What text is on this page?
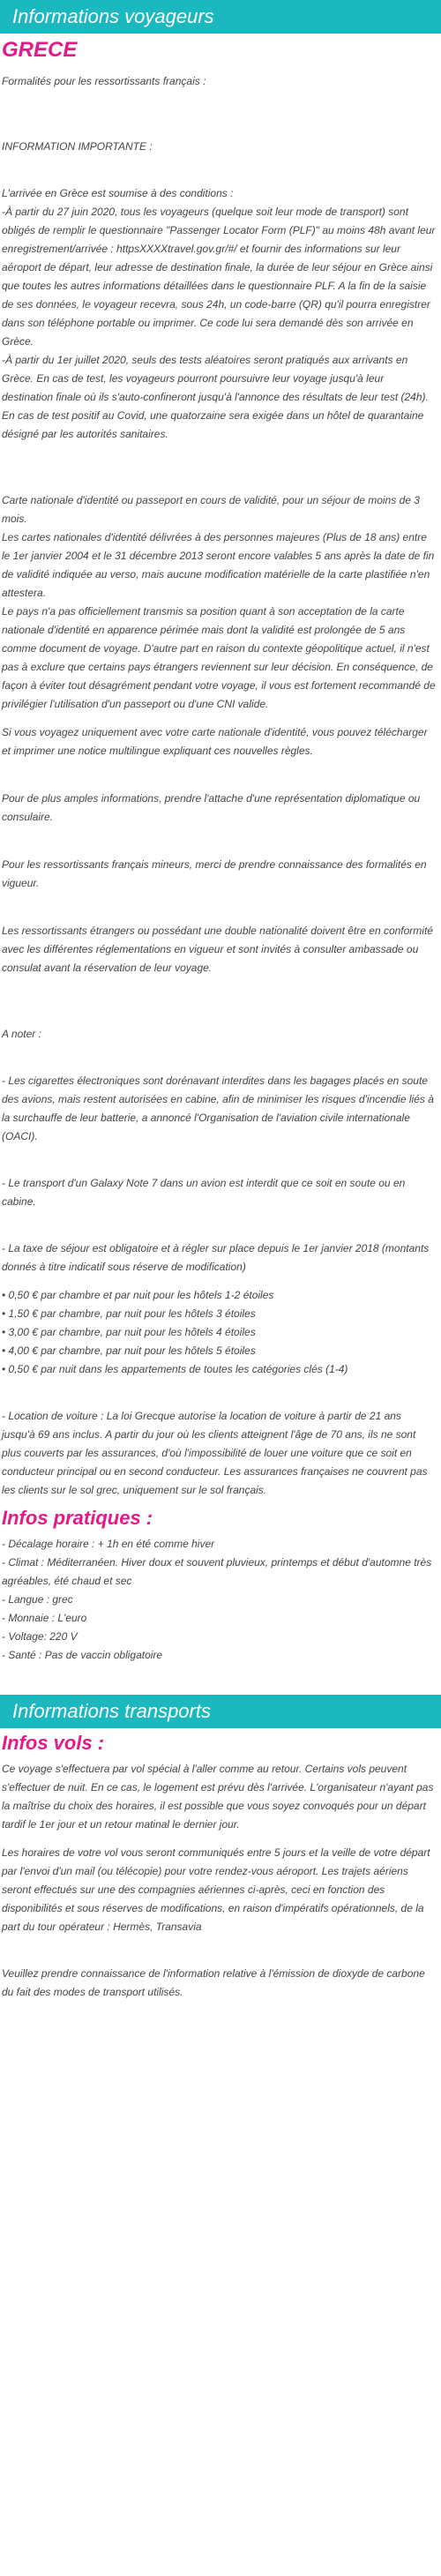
Informations voyageurs
GRECE

Formalités pour les ressortissants français :

INFORMATION IMPORTANTE :

L'arrivée en Grèce est soumise à des conditions :

-À partir du 27 juin 2020, tous les voyageurs (quelque soit leur mode de transport) sont obligés de remplir le questionnaire "Passenger Locator Form (PLF)" au moins 48h avant leur enregistrement/arrivée : httpsXXXXtravel.gov.gr/#/ et fournir des informations sur leur aéroport de départ, leur adresse de destination finale, la durée de leur séjour en Grèce ainsi que toutes les autres informations détaillées dans le questionnaire PLF. A la fin de la saisie de ses données, le voyageur recevra, sous 24h, un code-barre (QR) qu'il pourra enregistrer dans son téléphone portable ou imprimer. Ce code lui sera demandé dès son arrivée en Grèce.

-À partir du 1er juillet 2020, seuls des tests aléatoires seront pratiqués aux arrivants en Grèce. En cas de test, les voyageurs pourront poursuivre leur voyage jusqu'à leur destination finale où ils s'auto-confineront jusqu'à l'annonce des résultats de leur test (24h). En cas de test positif au Covid, une quatorzaine sera exigée dans un hôtel de quarantaine désigné par les autorités sanitaires.

Carte nationale d'identité ou passeport en cours de validité, pour un séjour de moins de 3 mois.

Les cartes nationales d'identité délivrées à des personnes majeures (Plus de 18 ans) entre le 1er janvier 2004 et le 31 décembre 2013 seront encore valables 5 ans après la date de fin de validité indiquée au verso, mais aucune modification matérielle de la carte plastifiée n'en attestera.

Le pays n'a pas officiellement transmis sa position quant à son acceptation de la carte nationale d'identité en apparence périmée mais dont la validité est prolongée de 5 ans comme document de voyage. D'autre part en raison du contexte géopolitique actuel, il n'est pas à exclure que certains pays étrangers reviennent sur leur décision. En conséquence, de façon à éviter tout désagrément pendant votre voyage, il vous est fortement recommandé de privilégier l'utilisation d'un passeport ou d'une CNI valide.

Si vous voyagez uniquement avec votre carte nationale d'identité, vous pouvez télécharger et imprimer une notice multilingue expliquant ces nouvelles règles.

Pour de plus amples informations, prendre l'attache d'une représentation diplomatique ou consulaire.

Pour les ressortissants français mineurs, merci de prendre connaissance des formalités en vigueur.

Les ressortissants étrangers ou possédant une double nationalité doivent être en conformité avec les différentes réglementations en vigueur et sont invités à consulter ambassade ou consulat avant la réservation de leur voyage.

A noter :

- Les cigarettes électroniques sont dorénavant interdites dans les bagages placés en soute des avions, mais restent autorisées en cabine, afin de minimiser les risques d'incendie liés à la surchauffe de leur batterie, a annoncé l'Organisation de l'aviation civile internationale (OACI).

- Le transport d'un Galaxy Note 7 dans un avion est interdit que ce soit en soute ou en cabine.

- La taxe de séjour est obligatoire et à régler sur place depuis le 1er janvier 2018 (montants donnés à titre indicatif sous réserve de modification)

• 0,50 € par chambre et par nuit pour les hôtels 1-2 étoiles

• 1,50 € par chambre, par nuit pour les hôtels 3 étoiles

• 3,00 € par chambre, par nuit pour les hôtels 4 étoiles

• 4,00 € par chambre, par nuit pour les hôtels 5 étoiles

• 0,50 € par nuit dans les appartements de toutes les catégories clés (1-4)

- Location de voiture : La loi Grecque autorise la location de voiture à partir de 21 ans jusqu'à 69 ans inclus. A partir du jour où les clients atteignent l'âge de 70 ans, ils ne sont plus couverts par les assurances, d'où l'impossibilité de louer une voiture que ce soit en conducteur principal ou en second conducteur. Les assurances françaises ne couvrent pas les clients sur le sol grec, uniquement sur le sol français.

Infos pratiques :

- Décalage horaire : + 1h en été comme hiver

- Climat : Méditerranéen. Hiver doux et souvent pluvieux, printemps et début d'automne très agréables, été chaud et sec

- Langue : grec

- Monnaie : L'euro

- Voltage: 220 V

- Santé : Pas de vaccin obligatoire

Informations transports
Infos vols :

Ce voyage s'effectuera par vol spécial à l'aller comme au retour. Certains vols peuvent s'effectuer de nuit. En ce cas, le logement est prévu dès l'arrivée. L'organisateur n'ayant pas la maîtrise du choix des horaires, il est possible que vous soyez convoqués pour un départ tardif le 1er jour et un retour matinal le dernier jour.

Les horaires de votre vol vous seront communiqués entre 5 jours et la veille de votre départ par l'envoi d'un mail (ou télécopie) pour votre rendez-vous aéroport. Les trajets aériens seront effectués sur une des compagnies aériennes ci-après, ceci en fonction des disponibilités et sous réserves de modifications, en raison d'impératifs opérationnels, de la part du tour opérateur : Hermès, Transavia

Veuillez prendre connaissance de l'information relative à l'émission de dioxyde de carbone du fait des modes de transport utilisés.
